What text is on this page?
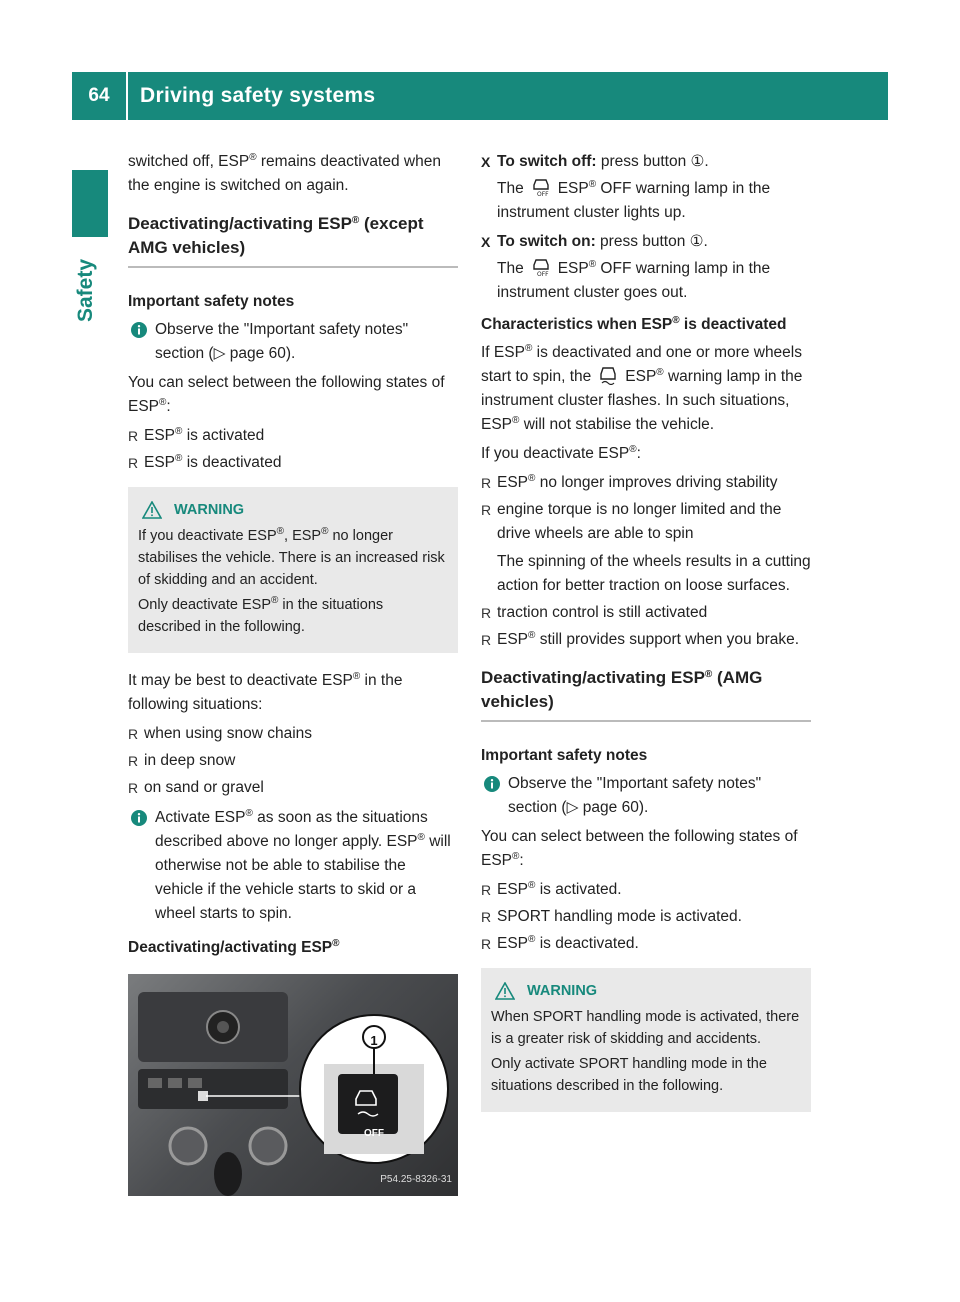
64	Driving safety systems
Safety
switched off, ESP® remains deactivated when the engine is switched on again.
Deactivating/activating ESP® (except AMG vehicles)
Important safety notes
Observe the "Important safety notes" section (▷ page 60).
You can select between the following states of ESP®:
R ESP® is activated
R ESP® is deactivated
WARNING

If you deactivate ESP®, ESP® no longer stabilises the vehicle. There is an increased risk of skidding and an accident.

Only deactivate ESP® in the situations described in the following.

It may be best to deactivate ESP® in the following situations:
R when using snow chains
R in deep snow
R on sand or gravel
Activate ESP® as soon as the situations described above no longer apply. ESP® will otherwise not be able to stabilise the vehicle if the vehicle starts to skid or a wheel starts to spin.
Deactivating/activating ESP®
1
OFF
P54.25-8326-31
X To switch off: press button ①.
The OFF ESP® OFF warning lamp in the instrument cluster lights up.
X To switch on: press button ①.
The OFF ESP® OFF warning lamp in the instrument cluster goes out.
Characteristics when ESP® is deactivated
If ESP® is deactivated and one or more wheels start to spin, the ESP® warning lamp in the instrument cluster flashes. In such situations, ESP® will not stabilise the vehicle.
If you deactivate ESP®:
R ESP® no longer improves driving stability
R engine torque is no longer limited and the drive wheels are able to spin
The spinning of the wheels results in a cutting action for better traction on loose surfaces.
R traction control is still activated
R ESP® still provides support when you brake.
Deactivating/activating ESP® (AMG vehicles)
Important safety notes
Observe the "Important safety notes" section (▷ page 60).
You can select between the following states of ESP®:
R ESP® is activated.
R SPORT handling mode is activated.
R ESP® is deactivated.
WARNING

When SPORT handling mode is activated, there is a greater risk of skidding and accidents.

Only activate SPORT handling mode in the situations described in the following.
